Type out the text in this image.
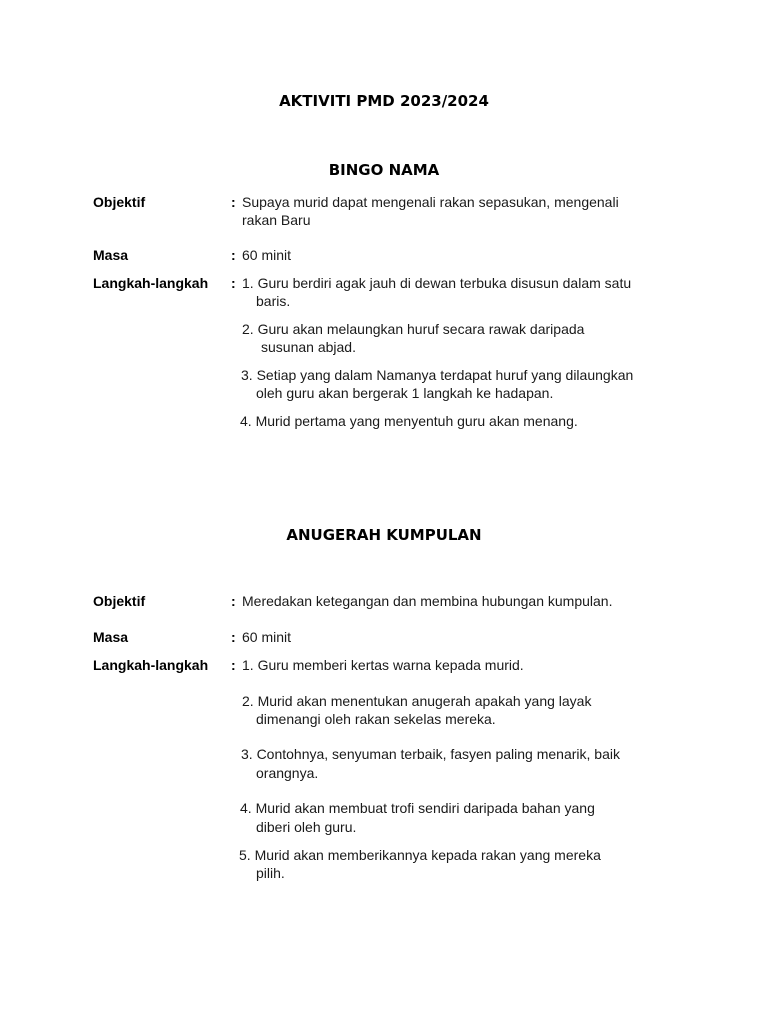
AKTIVITI PMD 2023/2024
BINGO NAMA
Objektif	: Supaya murid dapat mengenali rakan sepasukan, mengenali
rakan Baru
Masa	: 60 minit
Langkah-langkah : 1. Guru berdiri agak jauh di dewan terbuka disusun dalam satu
baris.
2. Guru akan melaungkan huruf secara rawak daripada
susunan abjad.
3. Setiap yang dalam Namanya terdapat huruf yang dilaungkan
oleh guru akan bergerak 1 langkah ke hadapan.
4. Murid pertama yang menyentuh guru akan menang.
ANUGERAH KUMPULAN
Objektif	: Meredakan ketegangan dan membina hubungan kumpulan.
Masa	: 60 minit
Langkah-langkah : 1. Guru memberi kertas warna kepada murid.
2. Murid akan menentukan anugerah apakah yang layak
dimenangi oleh rakan sekelas mereka.
3. Contohnya, senyuman terbaik, fasyen paling menarik, baik
orangnya.
4. Murid akan membuat trofi sendiri daripada bahan yang
diberi oleh guru.
5. Murid akan memberikannya kepada rakan yang mereka
pilih.
